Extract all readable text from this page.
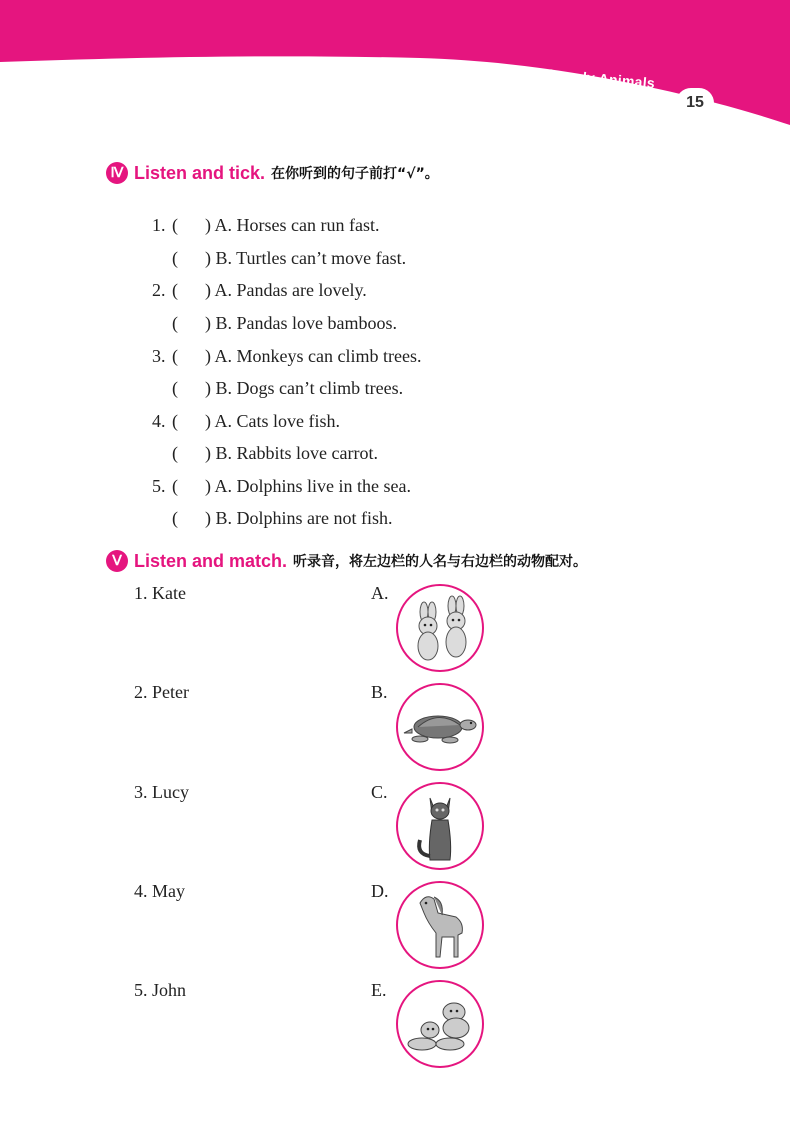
Unit 4 Lovely Animals
15
Ⅳ Listen and tick. 在你听到的句子前打“√”。

1. (      ) A. Horses can run fast.

(      ) B. Turtles can’t move fast.

2. (      ) A. Pandas are lovely.

(      ) B. Pandas love bamboos.

3. (      ) A. Monkeys can climb trees.

(      ) B. Dogs can’t climb trees.

4. (      ) A. Cats love fish.

(      ) B. Rabbits love carrot.

5. (      ) A. Dolphins live in the sea.

(      ) B. Dolphins are not fish.

Ⅴ Listen and match. 听录音，将左边栏的人名与右边栏的动物配对。
1. Kate
2. Peter
3. Lucy
4. May
5. John
A.
B.
C.
D.
E.
